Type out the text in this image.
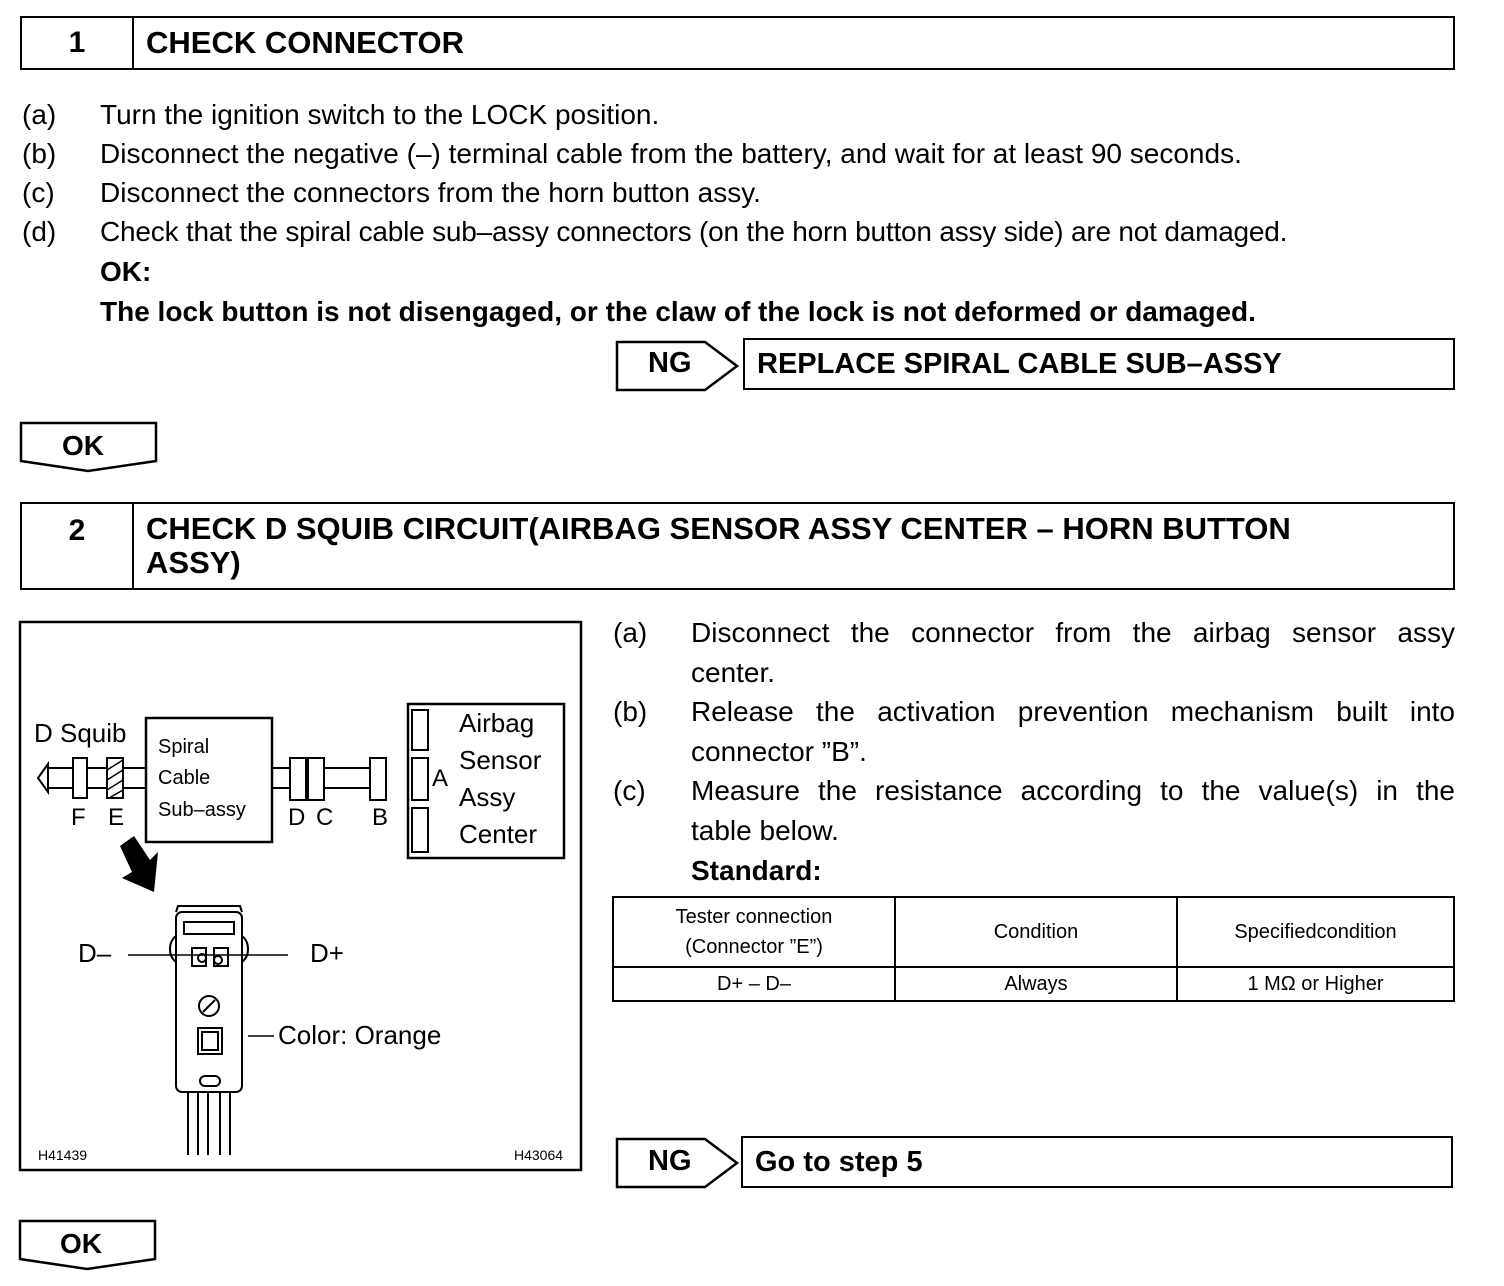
1	CHECK CONNECTOR
(a) Turn the ignition switch to the LOCK position.
(b) Disconnect the negative (–) terminal cable from the battery, and wait for at least 90 seconds.
(c) Disconnect the connectors from the horn button assy.
(d) Check that the spiral cable sub–assy connectors (on the horn button assy side) are not damaged.
OK:
The lock button is not disengaged, or the claw of the lock is not deformed or damaged.
NG	REPLACE SPIRAL CABLE SUB–ASSY
OK
2	CHECK D SQUIB CIRCUIT(AIRBAG SENSOR ASSY CENTER – HORN BUTTON
ASSY)
D Squib
F E
Spiral
Cable
Sub–assy D C B
A
Airbag
Sensor
Assy
Center
D–	D+
Color: Orange
H41439	H43064
(a) Disconnect the connector from the airbag sensor assy
center.
(b) Release the activation prevention mechanism built into
connector ”B”.
(c) Measure the resistance according to the value(s) in the
table below.
Standard:
Tester connection
(Connector ”E”)	Condition	Specifiedcondition
D+ – D–	Always	1 MΩ or Higher
NG	Go to step 5
OK
